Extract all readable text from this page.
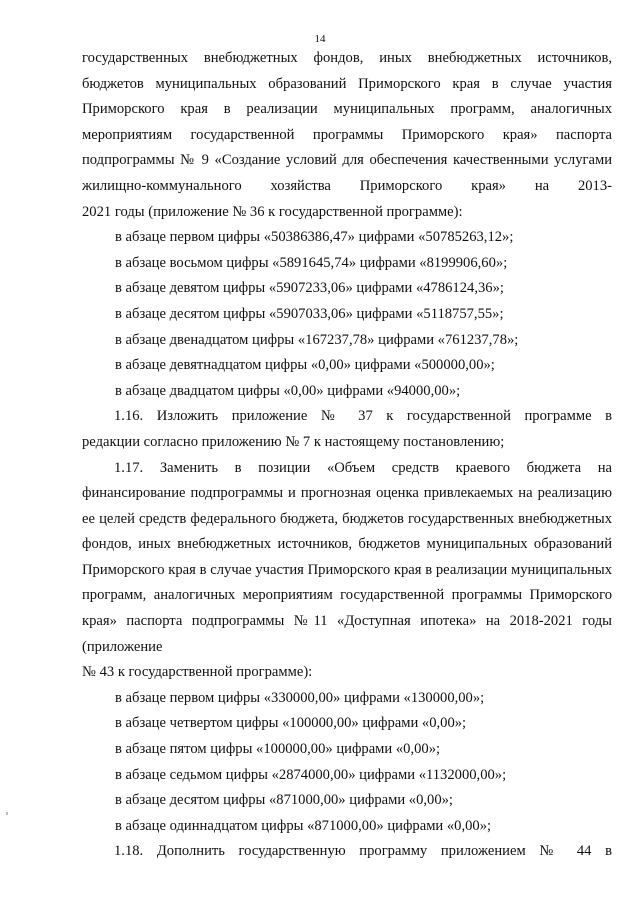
14

государственных внебюджетных фондов, иных внебюджетных источников, бюджетов муниципальных образований Приморского края в случае участия Приморского края в реализации муниципальных программ, аналогичных мероприятиям государственной программы Приморского края» паспорта подпрограммы № 9 «Создание условий для обеспечения качественными услугами жилищно-коммунального хозяйства Приморского края» на 2013-

2021 годы (приложение № 36 к государственной программе):

в абзаце первом цифры «50386386,47» цифрами «50785263,12»;

в абзаце восьмом цифры «5891645,74» цифрами «8199906,60»;

в абзаце девятом цифры «5907233,06» цифрами «4786124,36»;

в абзаце десятом цифры «5907033,06» цифрами «5118757,55»;

в абзаце двенадцатом цифры «167237,78» цифрами «761237,78»;

в абзаце девятнадцатом цифры «0,00» цифрами «500000,00»;

в абзаце двадцатом цифры «0,00» цифрами «94000,00»;

1.16. Изложить приложение № 37 к государственной программе в

редакции согласно приложению № 7 к настоящему постановлению;

1.17. Заменить в позиции «Объем средств краевого бюджета на финансирование подпрограммы и прогнозная оценка привлекаемых на реализацию ее целей средств федерального бюджета, бюджетов государственных внебюджетных фондов, иных внебюджетных источников, бюджетов муниципальных образований Приморского края в случае участия Приморского края в реализации муниципальных программ, аналогичных мероприятиям государственной программы Приморского края» паспорта подпрограммы №11 «Доступная ипотека» на 2018-2021 годы (приложение

№ 43 к государственной программе):

в абзаце первом цифры «330000,00» цифрами «130000,00»;

в абзаце четвертом цифры «100000,00» цифрами «0,00»;

в абзаце пятом цифры «100000,00» цифрами «0,00»;

в абзаце седьмом цифры «2874000,00» цифрами «1132000,00»;

в абзаце десятом цифры «871000,00» цифрами «0,00»;

в абзаце одиннадцатом цифры «871000,00» цифрами «0,00»;

1.18. Дополнить государственную программу приложением № 44 в
